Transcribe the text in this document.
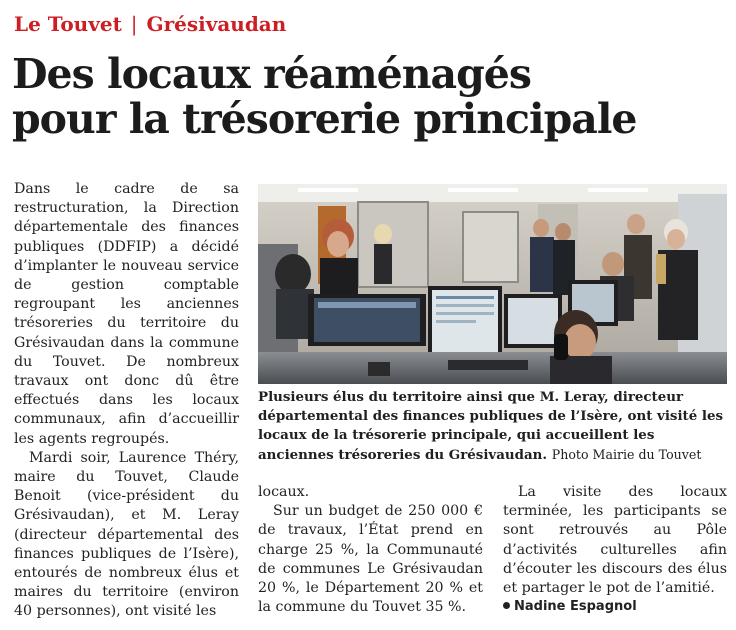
Le Touvet | Grésivaudan
Des locaux réaménagés
pour la trésorerie principale

Dans le cadre de sa restructuration, la Direction départementale des finances publiques (DDFIP) a décidé d’implanter le nouveau service de gestion comptable regroupant les anciennes trésoreries du territoire du Grésivaudan dans la commune du Touvet. De nombreux travaux ont donc dû être effectués dans les locaux communaux, afin d’accueillir les agents regroupés.

Mardi soir, Laurence Théry, maire du Touvet, Claude Benoit (vice-président du Grésivaudan), et M. Leray (directeur départemental des finances publiques de l’Isère), entourés de nombreux élus et maires du territoire (environ 40 personnes), ont visité les

Plusieurs élus du territoire ainsi que M. Leray, directeur départemental des finances publiques de l’Isère, ont visité les locaux de la trésorerie principale, qui accueillent les anciennes trésoreries du Grésivaudan. Photo Mairie du Touvet

locaux.

Sur un budget de 250 000 € de travaux, l’État prend en charge 25 %, la Communauté de communes Le Grésivaudan 20 %, le Département 20 % et la commune du Touvet 35 %.

La visite des locaux terminée, les participants se sont retrouvés au Pôle d’activités culturelles afin d’écouter les discours des élus et partager le pot de l’amitié.

Nadine Espagnol
